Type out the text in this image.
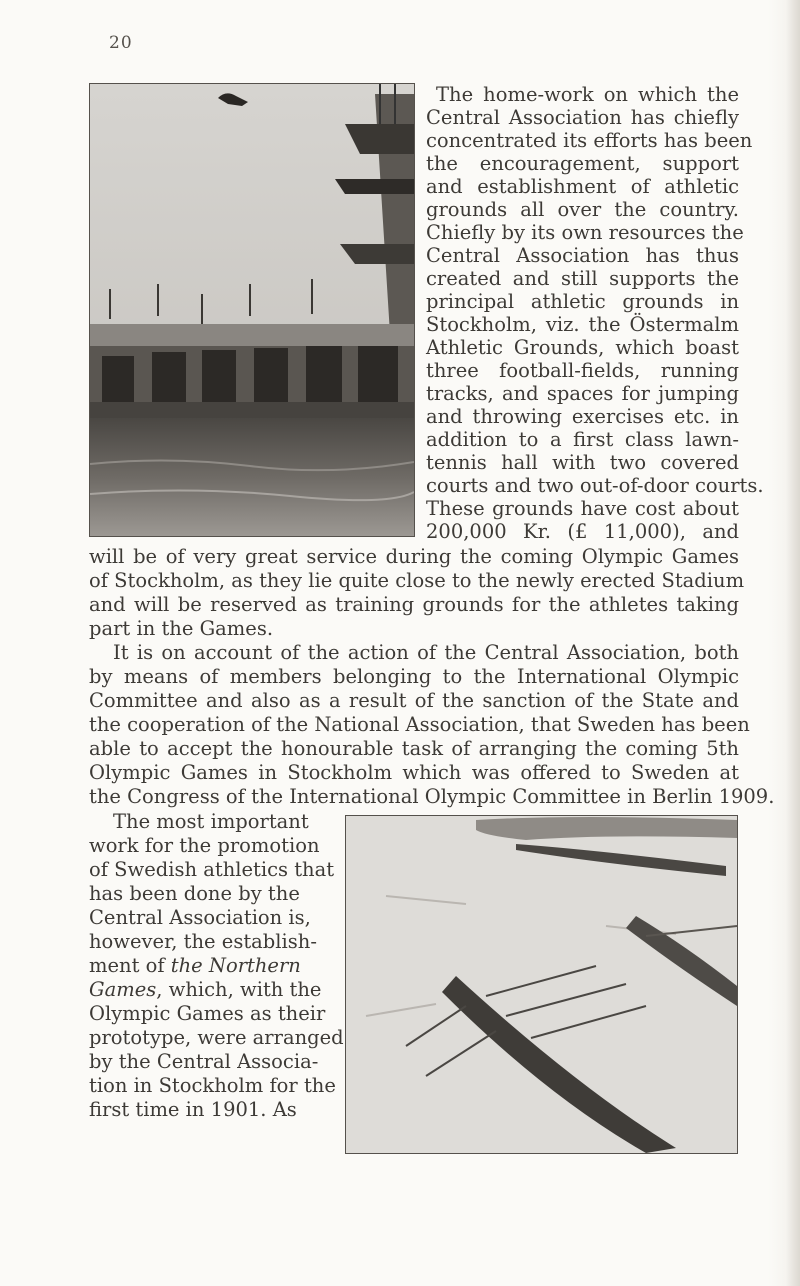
20
The home-work on which the
Central Association has chiefly
concentrated its efforts has been
the encouragement, support
and establishment of athletic
grounds all over the country.
Chiefly by its own resources the
Central Association has thus
created and still supports the
principal athletic grounds in
Stockholm, viz. the Östermalm
Athletic Grounds, which boast
three football-fields, running
tracks, and spaces for jumping
and throwing exercises etc. in
addition to a first class lawn-
tennis hall with two covered
courts and two out-of-door courts.
These grounds have cost about
200,000 Kr. (£ 11,000), and
will be of very great service during the coming Olympic Games
of Stockholm, as they lie quite close to the newly erected Stadium
and will be reserved as training grounds for the athletes taking
part in the Games.
It is on account of the action of the Central Association, both
by means of members belonging to the International Olympic
Committee and also as a result of the sanction of the State and
the cooperation of the National Association, that Sweden has been
able to accept the honourable task of arranging the coming 5th
Olympic Games in Stockholm which was offered to Sweden at
the Congress of the International Olympic Committee in Berlin 1909.
The most important
work for the promotion
of Swedish athletics that
has been done by the
Central Association is,
however, the establish-
ment of the Northern
Games, which, with the
Olympic Games as their
prototype, were arranged
by the Central Associa-
tion in Stockholm for the
first time in 1901. As
